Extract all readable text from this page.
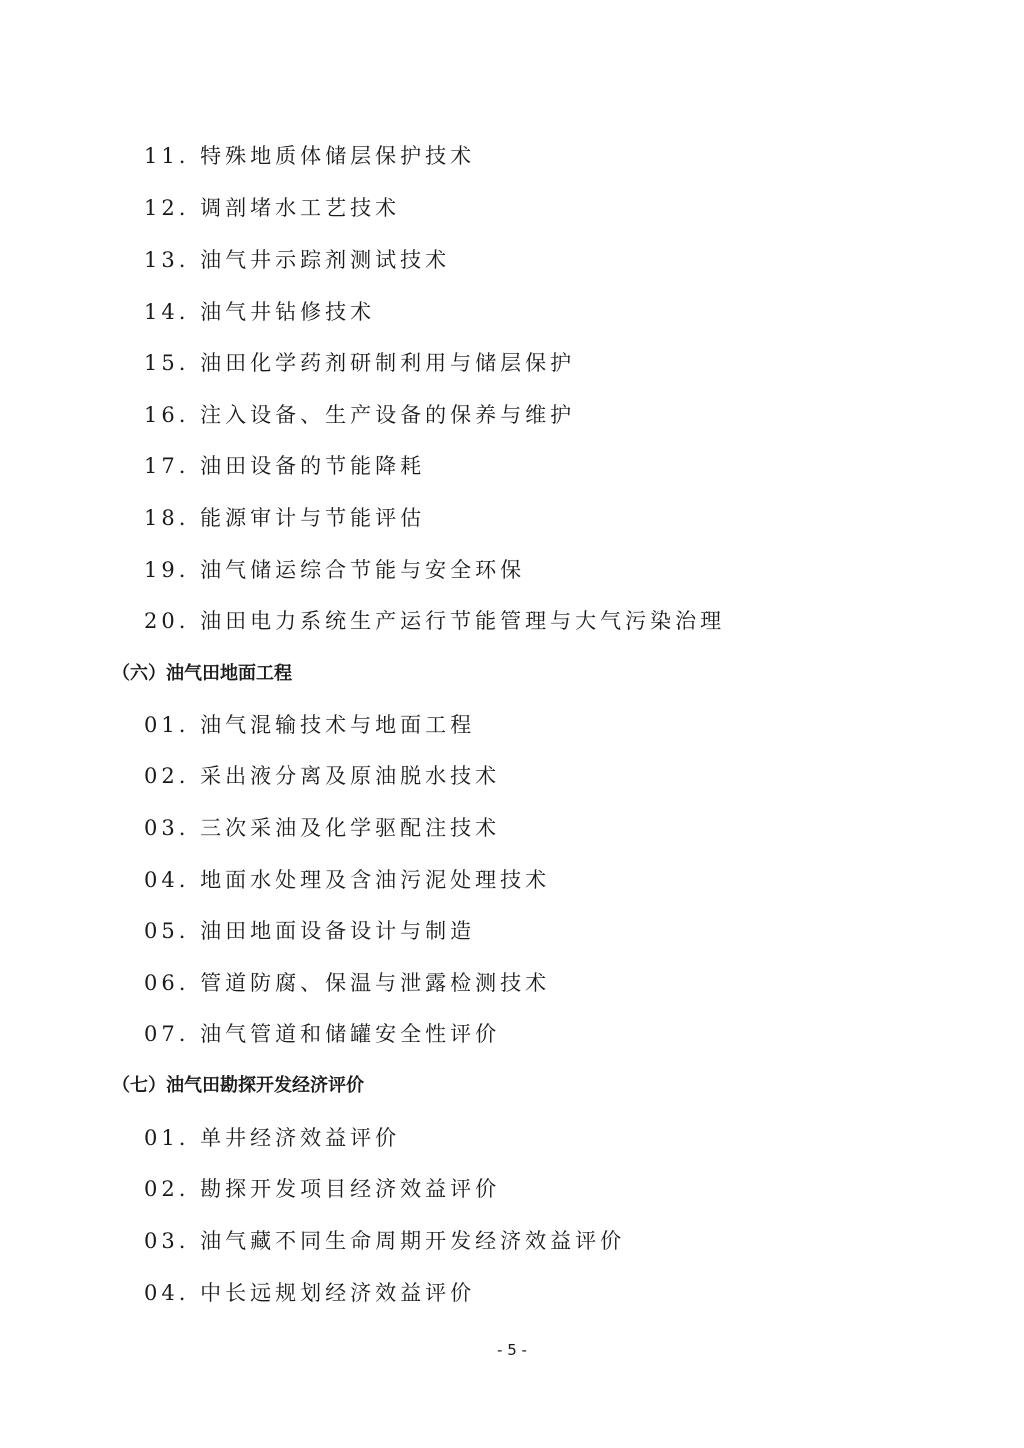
11. 特殊地质体储层保护技术
12. 调剖堵水工艺技术
13. 油气井示踪剂测试技术
14. 油气井钻修技术
15. 油田化学药剂研制利用与储层保护
16. 注入设备、生产设备的保养与维护
17. 油田设备的节能降耗
18. 能源审计与节能评估
19. 油气储运综合节能与安全环保
20. 油田电力系统生产运行节能管理与大气污染治理
（六）油气田地面工程
01. 油气混输技术与地面工程
02. 采出液分离及原油脱水技术
03. 三次采油及化学驱配注技术
04. 地面水处理及含油污泥处理技术
05. 油田地面设备设计与制造
06. 管道防腐、保温与泄露检测技术
07. 油气管道和储罐安全性评价
（七）油气田勘探开发经济评价
01. 单井经济效益评价
02. 勘探开发项目经济效益评价
03. 油气藏不同生命周期开发经济效益评价
04. 中长远规划经济效益评价
- 5 -
